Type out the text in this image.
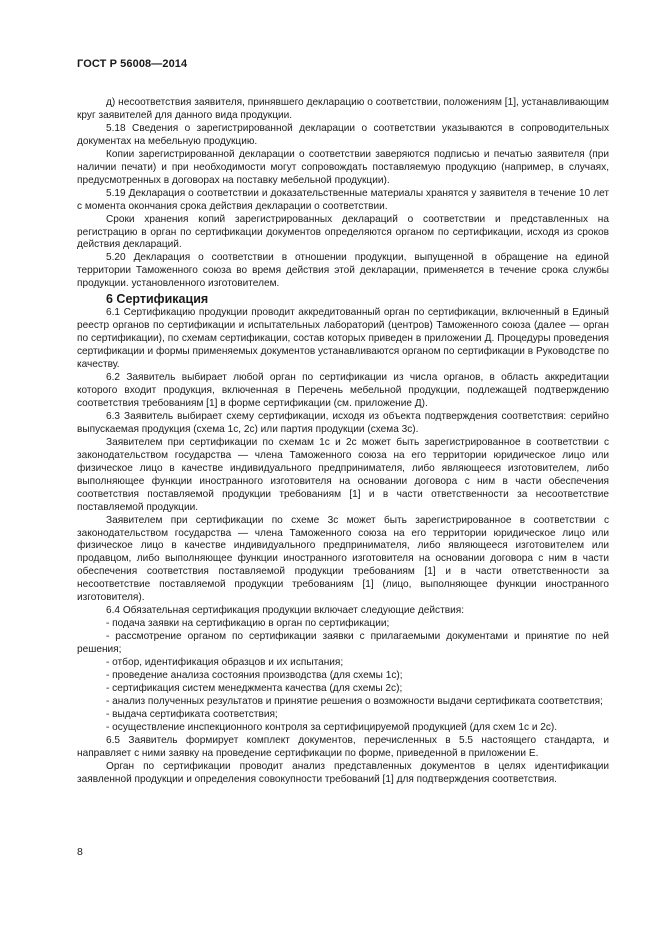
ГОСТ Р 56008—2014

д) несоответствия заявителя, принявшего декларацию о соответствии, положениям [1], устанавливающим круг заявителей для данного вида продукции.

5.18 Сведения о зарегистрированной декларации о соответствии указываются в сопроводительных документах на мебельную продукцию.

Копии зарегистрированной декларации о соответствии заверяются подписью и печатью заявителя (при наличии печати) и при необходимости могут сопровождать поставляемую продукцию (например, в случаях, предусмотренных в договорах на поставку мебельной продукции).

5.19 Декларация о соответствии и доказательственные материалы хранятся у заявителя в течение 10 лет с момента окончания срока действия декларации о соответствии.

Сроки хранения копий зарегистрированных деклараций о соответствии и представленных на регистрацию в орган по сертификации документов определяются органом по сертификации, исходя из сроков действия деклараций.

5.20 Декларация о соответствии в отношении продукции, выпущенной в обращение на единой территории Таможенного союза во время действия этой декларации, применяется в течение срока службы продукции. установленного изготовителем.

6 Сертификация

6.1 Сертификацию продукции проводит аккредитованный орган по сертификации, включенный в Единый реестр органов по сертификации и испытательных лабораторий (центров) Таможенного союза (далее — орган по сертификации), по схемам сертификации, состав которых приведен в приложении Д. Процедуры проведения сертификации и формы применяемых документов устанавливаются органом по сертификации в Руководстве по качеству.

6.2 Заявитель выбирает любой орган по сертификации из числа органов, в область аккредитации которого входит продукция, включенная в Перечень мебельной продукции, подлежащей подтверждению соответствия требованиям [1] в форме сертификации (см. приложение Д).

6.3 Заявитель выбирает схему сертификации, исходя из объекта подтверждения соответствия: серийно выпускаемая продукция (схема 1с, 2с) или партия продукции (схема 3с).

Заявителем при сертификации по схемам 1с и 2с может быть зарегистрированное в соответствии с законодательством государства — члена Таможенного союза на его территории юридическое лицо или физическое лицо в качестве индивидуального предпринимателя, либо являющееся изготовителем, либо выполняющее функции иностранного изготовителя на основании договора с ним в части обеспечения соответствия поставляемой продукции требованиям [1] и в части ответственности за несоответствие поставляемой продукции.

Заявителем при сертификации по схеме 3с может быть зарегистрированное в соответствии с законодательством государства — члена Таможенного союза на его территории юридическое лицо или физическое лицо в качестве индивидуального предпринимателя, либо являющееся изготовителем или продавцом, либо выполняющее функции иностранного изготовителя на основании договора с ним в части обеспечения соответствия поставляемой продукции требованиям [1] и в части ответственности за несоответствие поставляемой продукции требованиям [1] (лицо, выполняющее функции иностранного изготовителя).

6.4 Обязательная сертификация продукции включает следующие действия:

- подача заявки на сертификацию в орган по сертификации;

- рассмотрение органом по сертификации заявки с прилагаемыми документами и принятие по ней решения;

- отбор, идентификация образцов и их испытания;

- проведение анализа состояния производства (для схемы 1с);

- сертификация систем менеджмента качества (для схемы 2с);

- анализ полученных результатов и принятие решения о возможности выдачи сертификата соответствия;

- выдача сертификата соответствия;

- осуществление инспекционного контроля за сертифицируемой продукцией (для схем 1с и 2с).

6.5 Заявитель формирует комплект документов, перечисленных в 5.5 настоящего стандарта, и направляет с ними заявку на проведение сертификации по форме, приведенной в приложении Е.

Орган по сертификации проводит анализ представленных документов в целях идентификации заявленной продукции и определения совокупности требований [1] для подтверждения соответствия.

8
